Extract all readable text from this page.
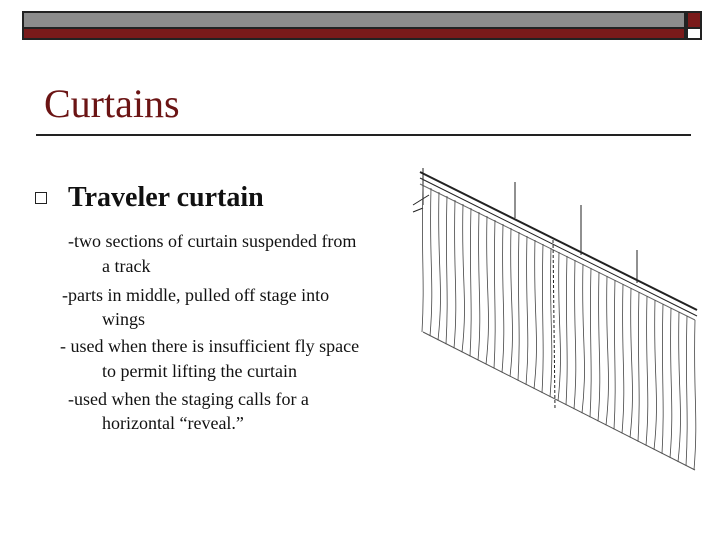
Curtains
Traveler curtain
-two sections of curtain suspended from
a track
-parts in middle, pulled off stage into
wings
- used when there is insufficient fly space
to permit lifting the curtain
-used when the staging calls for a
horizontal “reveal.”
